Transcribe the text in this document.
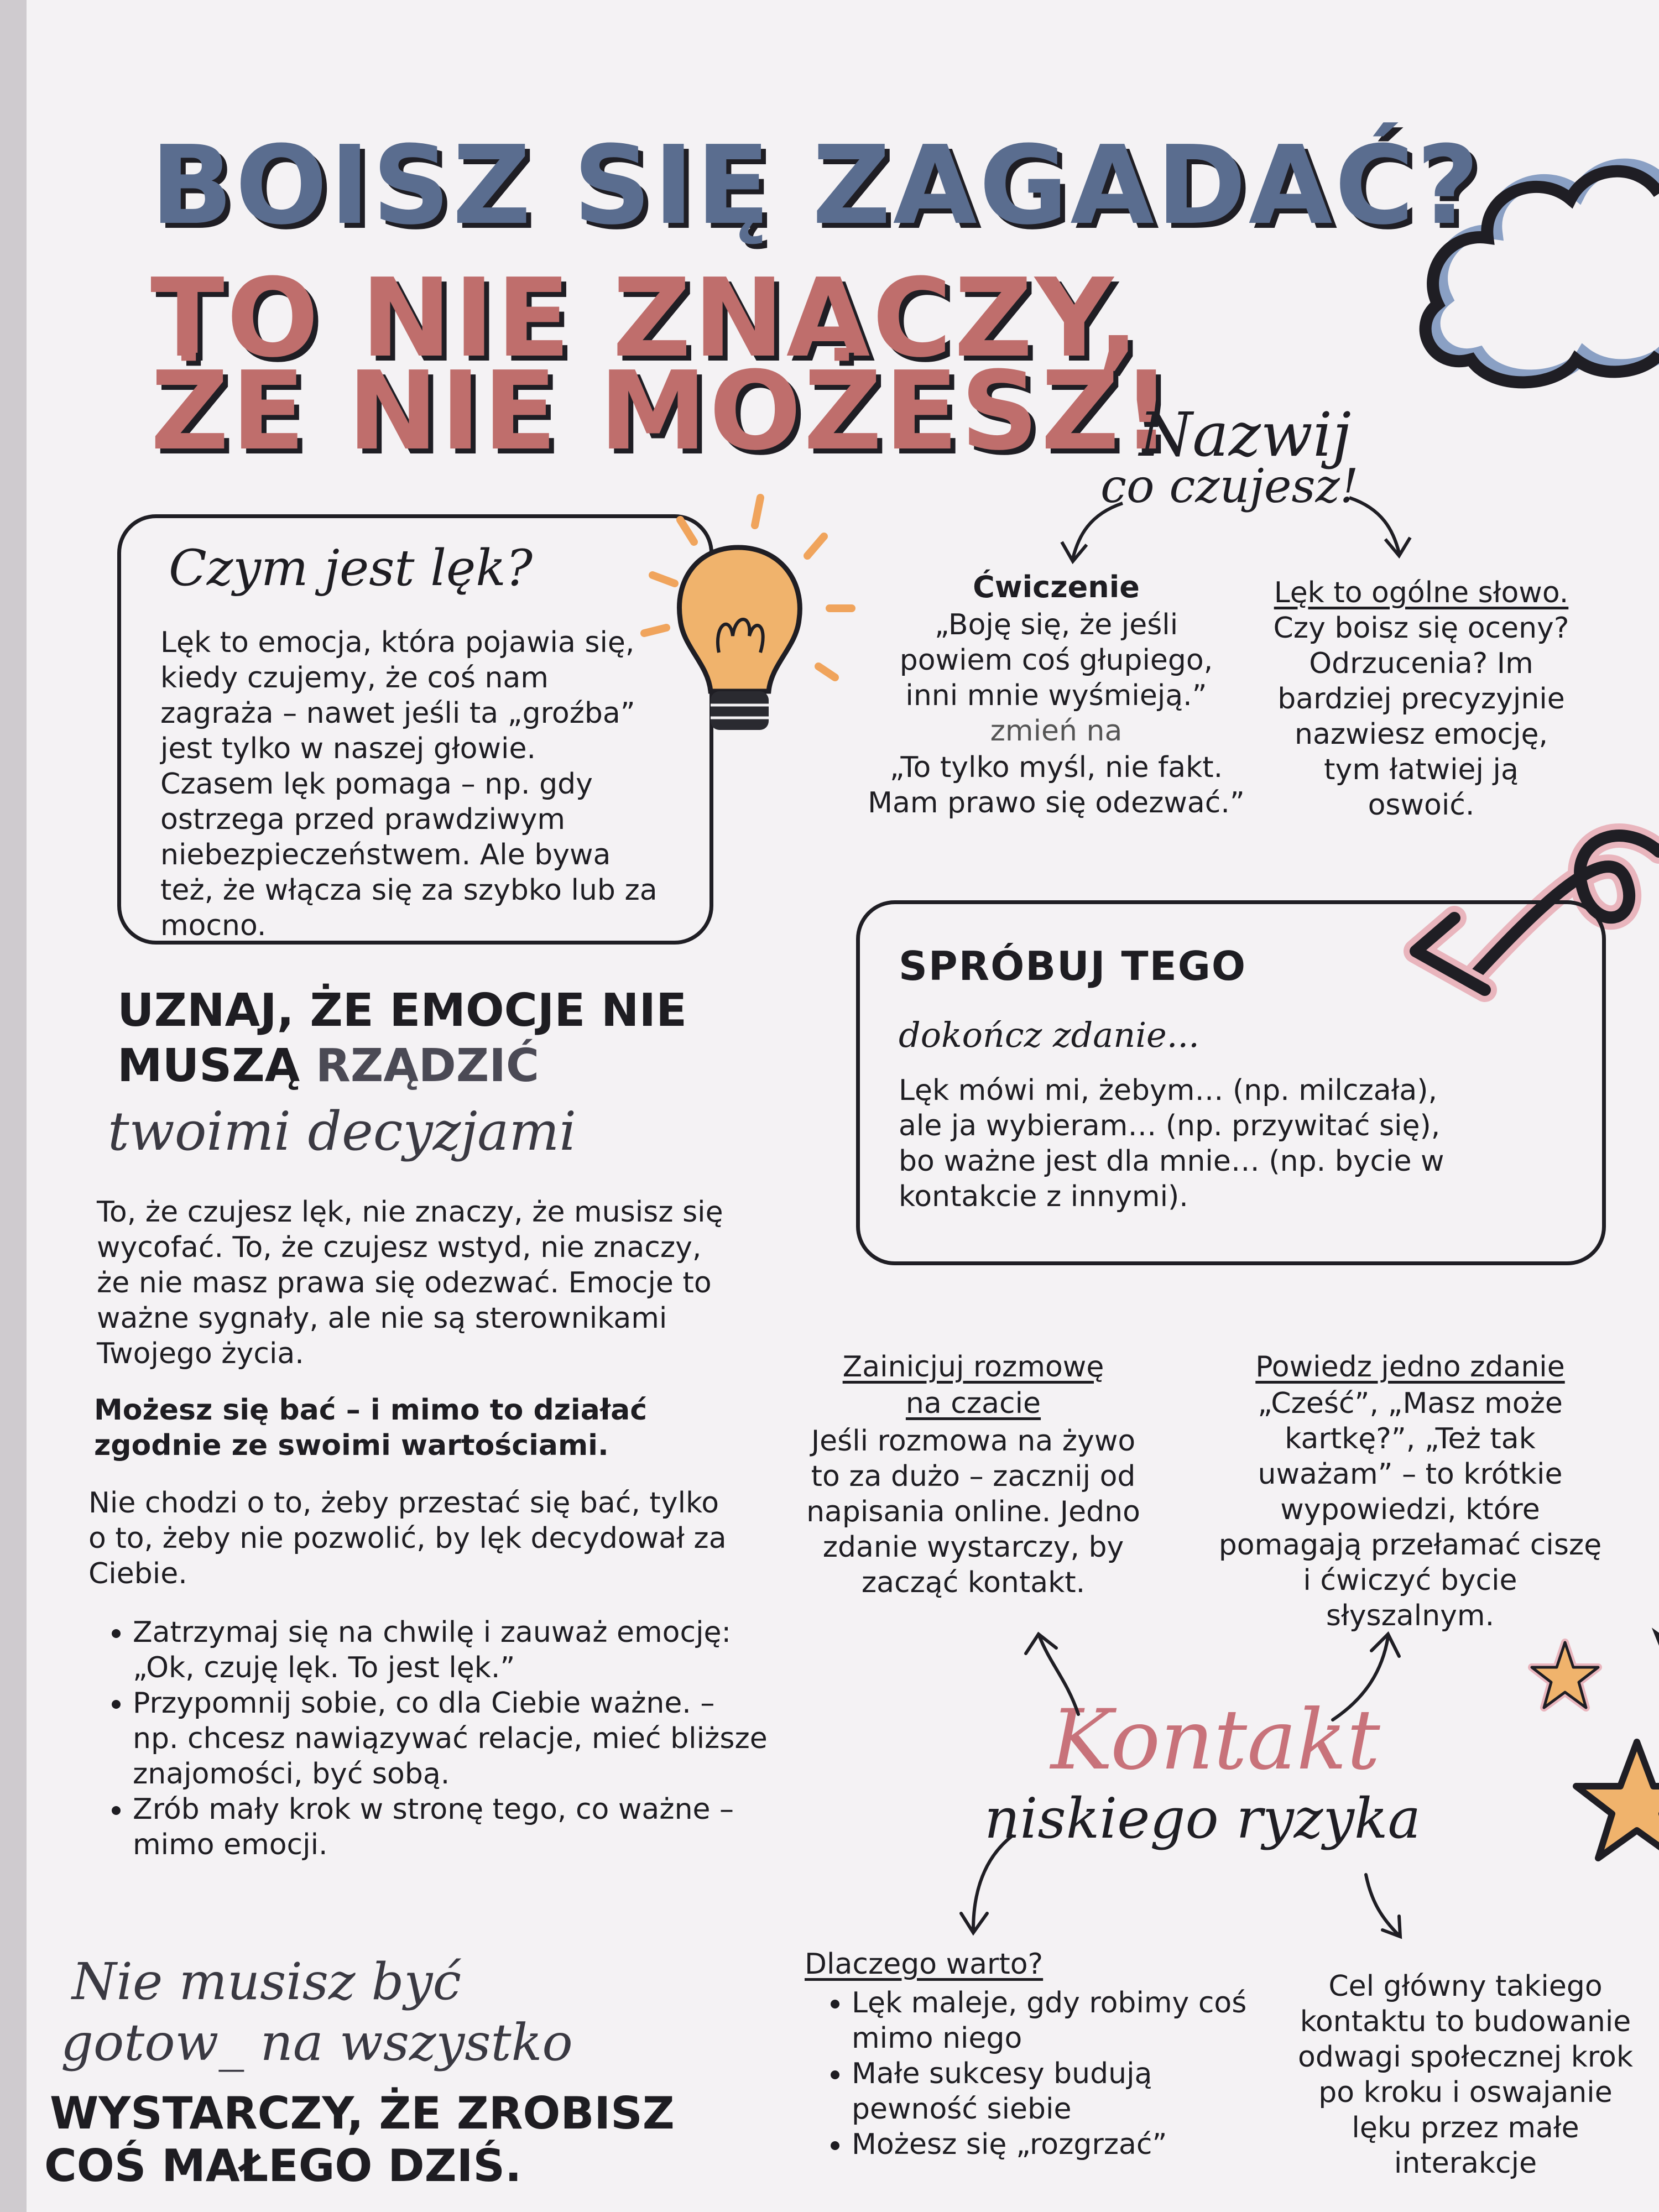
BOISZ SIĘ ZAGADAĆ?
TO NIE ZNACZY,
ŻE NIE MOŻESZ!
Nazwij
co czujesz!
Czym jest lęk?
Lęk to emocja, która pojawia się, kiedy czujemy, że coś nam zagraża – nawet jeśli ta „groźba” jest tylko w naszej głowie. Czasem lęk pomaga – np. gdy ostrzega przed prawdziwym niebezpieczeństwem. Ale bywa też, że włącza się za szybko lub za mocno.
Ćwiczenie
„Boję się, że jeśli powiem coś głupiego, inni mnie wyśmieją.”
zmień na
„To tylko myśl, nie fakt. Mam prawo się odezwać.”
Lęk to ogólne słowo.
Czy boisz się oceny? Odrzucenia? Im bardziej precyzyjnie nazwiesz emocję, tym łatwiej ją oswoić.
SPRÓBUJ TEGO
dokończ zdanie...
Lęk mówi mi, żebym… (np. milczała), ale ja wybieram… (np. przywitać się), bo ważne jest dla mnie… (np. bycie w kontakcie z innymi).
UZNAJ, ŻE EMOCJE NIE
MUSZĄ RZĄDZIĆ
twoimi decyzjami
To, że czujesz lęk, nie znaczy, że musisz się wycofać. To, że czujesz wstyd, nie znaczy, że nie masz prawa się odezwać. Emocje to ważne sygnały, ale nie są sterownikami Twojego życia.
Możesz się bać – i mimo to działać zgodnie ze swoimi wartościami.
Nie chodzi o to, żeby przestać się bać, tylko o to, żeby nie pozwolić, by lęk decydował za Ciebie.
• Zatrzymaj się na chwilę i zauważ emocję: „Ok, czuję lęk. To jest lęk.”
• Przypomnij sobie, co dla Ciebie ważne. – np. chcesz nawiązywać relacje, mieć bliższe znajomości, być sobą.
• Zrób mały krok w stronę tego, co ważne – mimo emocji.
Nie musisz być
gotow_ na wszystko
WYSTARCZY, ŻE ZROBISZ
COŚ MAŁEGO DZIŚ.
Zainicjuj rozmowę
na czacie
Jeśli rozmowa na żywo to za dużo – zacznij od napisania online. Jedno zdanie wystarczy, by zacząć kontakt.
Powiedz jedno zdanie
„Cześć”, „Masz może kartkę?”, „Też tak uważam” – to krótkie wypowiedzi, które pomagają przełamać ciszę i ćwiczyć bycie słyszalnym.
Kontakt
niskiego ryzyka
Dlaczego warto?
• Lęk maleje, gdy robimy coś mimo niego
• Małe sukcesy budują pewność siebie
• Możesz się „rozgrzać”
Cel główny takiego kontaktu to budowanie odwagi społecznej krok po kroku i oswajanie lęku przez małe interakcje
